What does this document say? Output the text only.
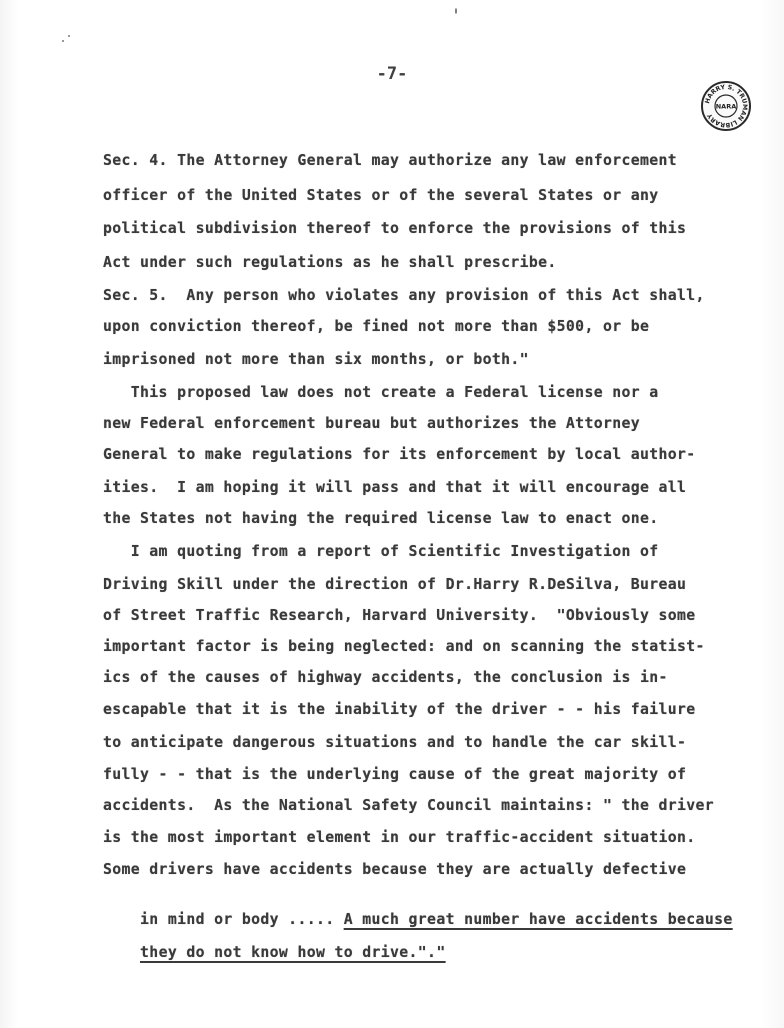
-7-
HARRY S. TRUMAN LIBRARY
NARA
Sec. 4. The Attorney General may authorize any law enforcement
officer of the United States or of the several States or any
political subdivision thereof to enforce the provisions of this
Act under such regulations as he shall prescribe.
Sec. 5.  Any person who violates any provision of this Act shall,
upon conviction thereof, be fined not more than $500, or be
imprisoned not more than six months, or both."
This proposed law does not create a Federal license nor a
new Federal enforcement bureau but authorizes the Attorney
General to make regulations for its enforcement by local author-
ities.  I am hoping it will pass and that it will encourage all
the States not having the required license law to enact one.
I am quoting from a report of Scientific Investigation of
Driving Skill under the direction of Dr.Harry R.DeSilva, Bureau
of Street Traffic Research, Harvard University.  "Obviously some
important factor is being neglected: and on scanning the statist-
ics of the causes of highway accidents, the conclusion is in-
escapable that it is the inability of the driver - - his failure
to anticipate dangerous situations and to handle the car skill-
fully - - that is the underlying cause of the great majority of
accidents.  As the National Safety Council maintains: " the driver
is the most important element in our traffic-accident situation.
Some drivers have accidents because they are actually defective

in mind or body ..... A much great number have accidents because

they do not know how to drive."."
